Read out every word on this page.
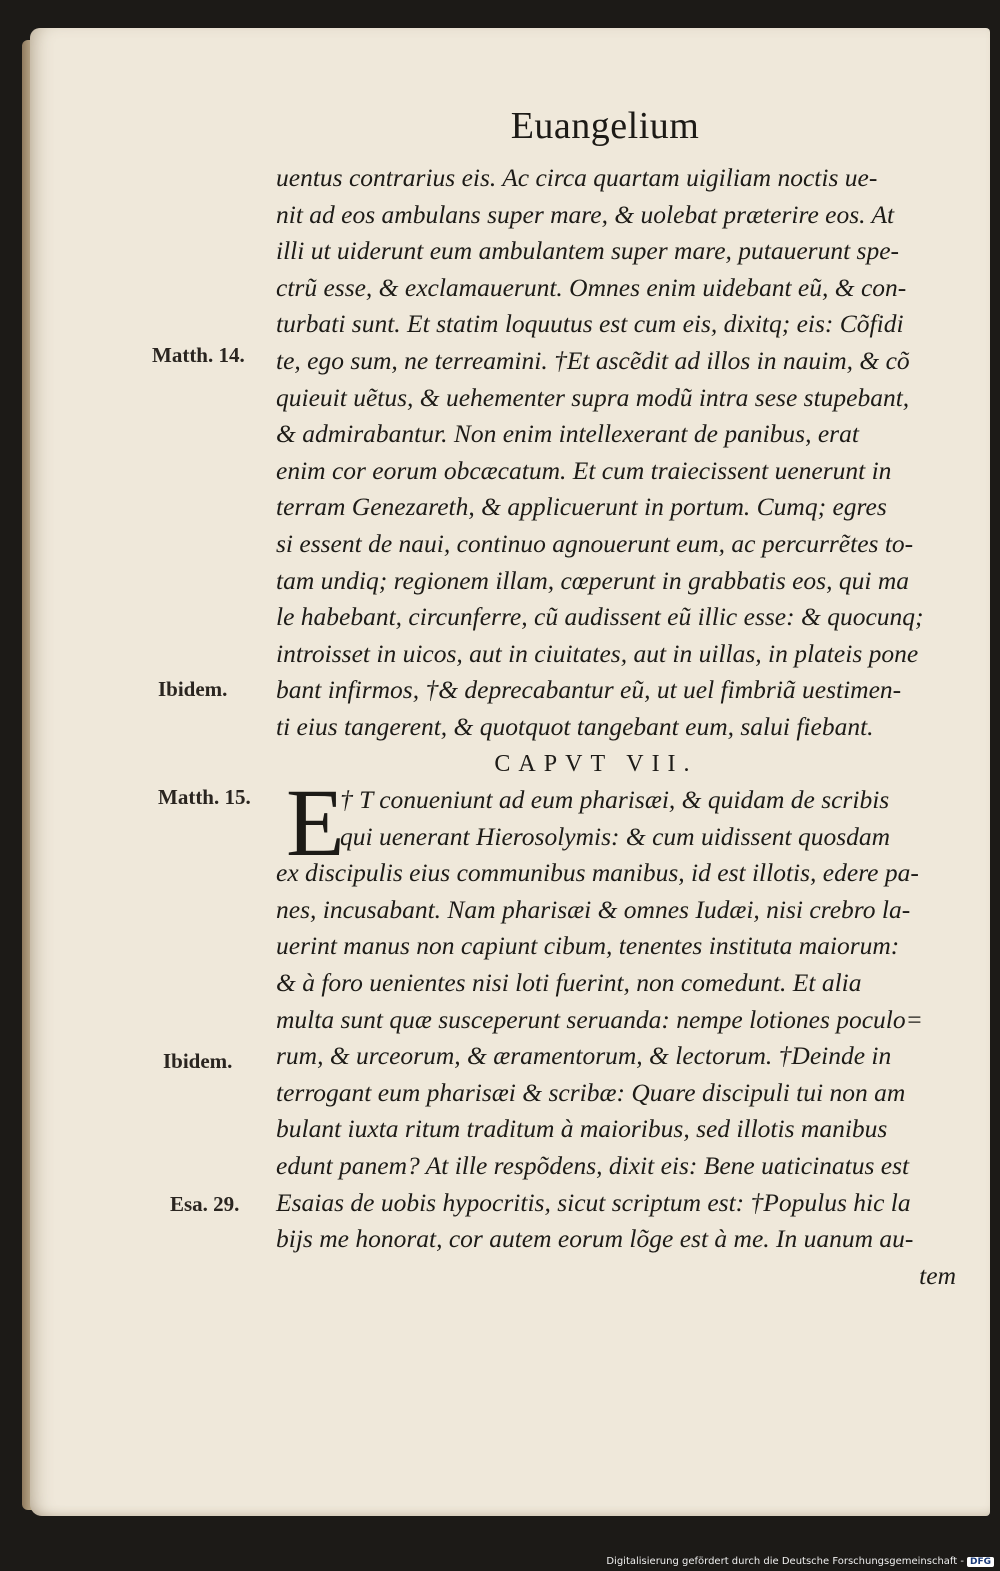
Euangelium
uentus contrarius eis. Ac circa quartam uigiliam noctis ue-
nit ad eos ambulans super mare, & uolebat præterire eos. At
illi ut uiderunt eum ambulantem super mare, putauerunt spe-
ctrũ esse, & exclamauerunt. Omnes enim uidebant eũ, & con-
turbati sunt. Et statim loquutus est cum eis, dixitq; eis: Cõfidi
te, ego sum, ne terreamini. †Et ascẽdit ad illos in nauim, & cõ
quieuit uẽtus, & uehementer supra modũ intra sese stupebant,
& admirabantur. Non enim intellexerant de panibus, erat
enim cor eorum obcæcatum. Et cum traiecissent uenerunt in
terram Genezareth, & applicuerunt in portum. Cumq; egres
si essent de naui, continuo agnouerunt eum, ac percurrẽtes to-
tam undiq; regionem illam, cœperunt in grabbatis eos, qui ma
le habebant, circunferre, cũ audissent eũ illic esse: & quocunq;
introisset in uicos, aut in ciuitates, aut in uillas, in plateis pone
bant infirmos, †& deprecabantur eũ, ut uel fimbriã uestimen-
ti eius tangerent, & quotquot tangebant eum, salui fiebant.
CAPVT VII.
† T conueniunt ad eum pharisæi, & quidam de scribis
qui uenerant Hierosolymis: & cum uidissent quosdam
ex discipulis eius communibus manibus, id est illotis, edere pa-
nes, incusabant. Nam pharisæi & omnes Iudæi, nisi crebro la-
uerint manus non capiunt cibum, tenentes instituta maiorum:
& à foro uenientes nisi loti fuerint, non comedunt. Et alia
multa sunt quæ susceperunt seruanda: nempe lotiones poculo=
rum, & urceorum, & æramentorum, & lectorum. †Deinde in
terrogant eum pharisæi & scribæ: Quare discipuli tui non am
bulant iuxta ritum traditum à maioribus, sed illotis manibus
edunt panem? At ille respõdens, dixit eis: Bene uaticinatus est
Esaias de uobis hypocritis, sicut scriptum est: †Populus hic la
bijs me honorat, cor autem eorum lõge est à me. In uanum au-
tem
E
Matth. 14.
Ibidem.
Matth. 15.
Ibidem.
Esa. 29.
Digitalisierung gefördert durch die Deutsche Forschungsgemeinschaft - DFG
